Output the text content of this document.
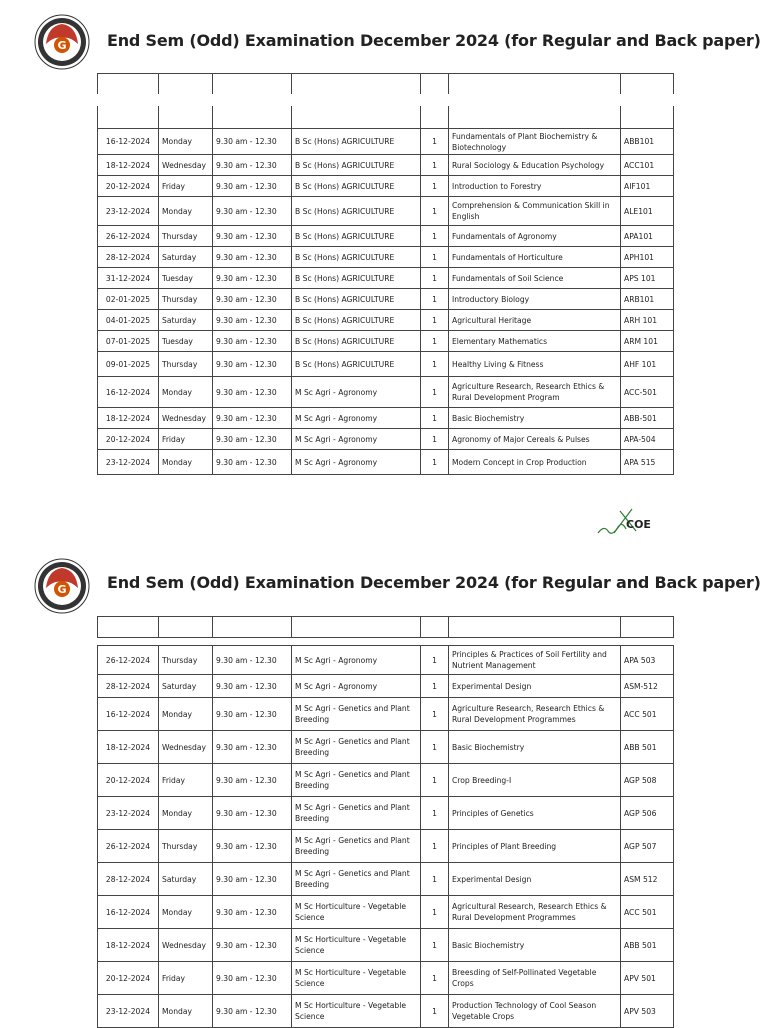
G	End Sem (Odd) Examination December 2024 (for Regular and Back paper)

16-12-2024	Monday	9.30 am - 12.30	B Sc (Hons) AGRICULTURE	1	Fundamentals of Plant Biochemistry & Biotechnology	ABB101
18-12-2024	Wednesday	9.30 am - 12.30	B Sc (Hons) AGRICULTURE	1	Rural Sociology & Education Psychology	ACC101
20-12-2024	Friday	9.30 am - 12.30	B Sc (Hons) AGRICULTURE	1	Introduction to Forestry	AIF101
23-12-2024	Monday	9.30 am - 12.30	B Sc (Hons) AGRICULTURE	1	Comprehension & Communication Skill in English	ALE101
26-12-2024	Thursday	9.30 am - 12.30	B Sc (Hons) AGRICULTURE	1	Fundamentals of Agronomy	APA101
28-12-2024	Saturday	9.30 am - 12.30	B Sc (Hons) AGRICULTURE	1	Fundamentals of Horticulture	APH101
31-12-2024	Tuesday	9.30 am - 12.30	B Sc (Hons) AGRICULTURE	1	Fundamentals of Soil Science	APS 101
02-01-2025	Thursday	9.30 am - 12.30	B Sc (Hons) AGRICULTURE	1	Introductory Biology	ARB101
04-01-2025	Saturday	9.30 am - 12.30	B Sc (Hons) AGRICULTURE	1	Agricultural Heritage	ARH 101
07-01-2025	Tuesday	9.30 am - 12.30	B Sc (Hons) AGRICULTURE	1	Elementary Mathematics	ARM 101
09-01-2025	Thursday	9.30 am - 12.30	B Sc (Hons) AGRICULTURE	1	Healthy Living & Fitness	AHF 101
16-12-2024	Monday	9.30 am - 12.30	M Sc Agri - Agronomy	1	Agriculture Research, Research Ethics & Rural Development Program	ACC-501
18-12-2024	Wednesday	9.30 am - 12.30	M Sc Agri - Agronomy	1	Basic Biochemistry	ABB-501
20-12-2024	Friday	9.30 am - 12.30	M Sc Agri - Agronomy	1	Agronomy of Major Cereals & Pulses	APA-504
23-12-2024	Monday	9.30 am - 12.30	M Sc Agri - Agronomy	1	Modern Concept in Crop Production	APA 515
COE
G	End Sem (Odd) Examination December 2024 (for Regular and Back paper)

26-12-2024	Thursday	9.30 am - 12.30	M Sc Agri - Agronomy	1	Principles & Practices of Soil Fertility and Nutrient Management	APA 503
28-12-2024	Saturday	9.30 am - 12.30	M Sc Agri - Agronomy	1	Experimental Design	ASM-512
16-12-2024	Monday	9.30 am - 12.30	M Sc Agri - Genetics and Plant Breeding	1	Agriculture Research, Research Ethics & Rural Development Programmes	ACC 501
18-12-2024	Wednesday	9.30 am - 12.30	M Sc Agri - Genetics and Plant Breeding	1	Basic Biochemistry	ABB 501
20-12-2024	Friday	9.30 am - 12.30	M Sc Agri - Genetics and Plant Breeding	1	Crop Breeding-I	AGP 508
23-12-2024	Monday	9.30 am - 12.30	M Sc Agri - Genetics and Plant Breeding	1	Principles of Genetics	AGP 506
26-12-2024	Thursday	9.30 am - 12.30	M Sc Agri - Genetics and Plant Breeding	1	Principles of Plant Breeding	AGP 507
28-12-2024	Saturday	9.30 am - 12.30	M Sc Agri - Genetics and Plant Breeding	1	Experimental Design	ASM 512
16-12-2024	Monday	9.30 am - 12.30	M Sc Horticulture - Vegetable Science	1	Agricultural Research, Research Ethics & Rural Development Programmes	ACC 501
18-12-2024	Wednesday	9.30 am - 12.30	M Sc Horticulture - Vegetable Science	1	Basic Biochemistry	ABB 501
20-12-2024	Friday	9.30 am - 12.30	M Sc Horticulture - Vegetable Science	1	Breesding of Self-Pollinated Vegetable Crops	APV 501
23-12-2024	Monday	9.30 am - 12.30	M Sc Horticulture - Vegetable Science	1	Production Technology of Cool Season Vegetable Crops	APV 503
